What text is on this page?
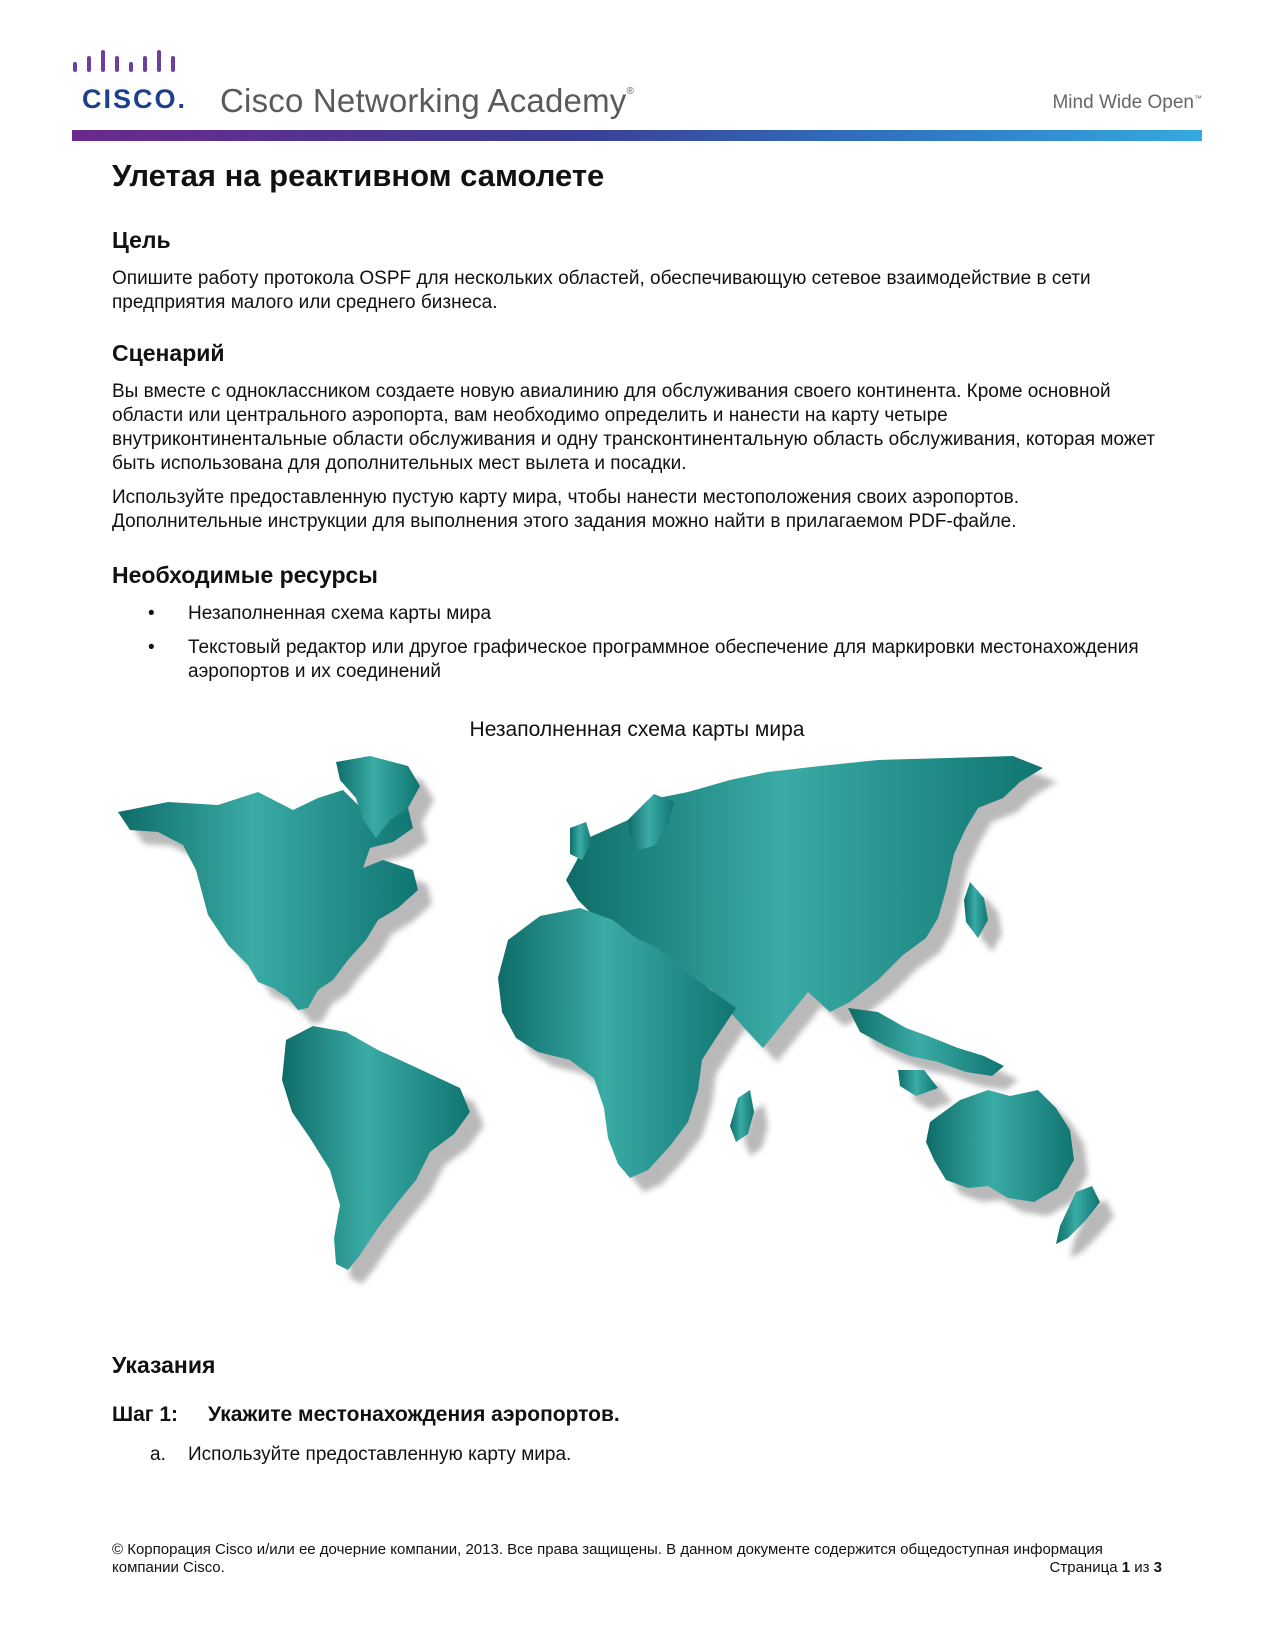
CISCO. Cisco Networking Academy®
Mind Wide Open™
Улетая на реактивном самолете
Цель

Опишите работу протокола OSPF для нескольких областей, обеспечивающую сетевое взаимодействие в сети предприятия малого или среднего бизнеса.

Сценарий

Вы вместе с одноклассником создаете новую авиалинию для обслуживания своего континента. Кроме основной области или центрального аэропорта, вам необходимо определить и нанести на карту четыре внутриконтинентальные области обслуживания и одну трансконтинентальную область обслуживания, которая может быть использована для дополнительных мест вылета и посадки.

Используйте предоставленную пустую карту мира, чтобы нанести местоположения своих аэропортов. Дополнительные инструкции для выполнения этого задания можно найти в прилагаемом PDF-файле.

Необходимые ресурсы
• Незаполненная схема карты мира
• Текстовый редактор или другое графическое программное обеспечение для маркировки местонахождения аэропортов и их соединений
Незаполненная схема карты мира
Указания
Шаг 1: Укажите местонахождения аэропортов.
a. Используйте предоставленную карту мира.
© Корпорация Cisco и/или ее дочерние компании, 2013. Все права защищены. В данном документе содержится общедоступная информация компании Cisco.	Страница 1 из 3
